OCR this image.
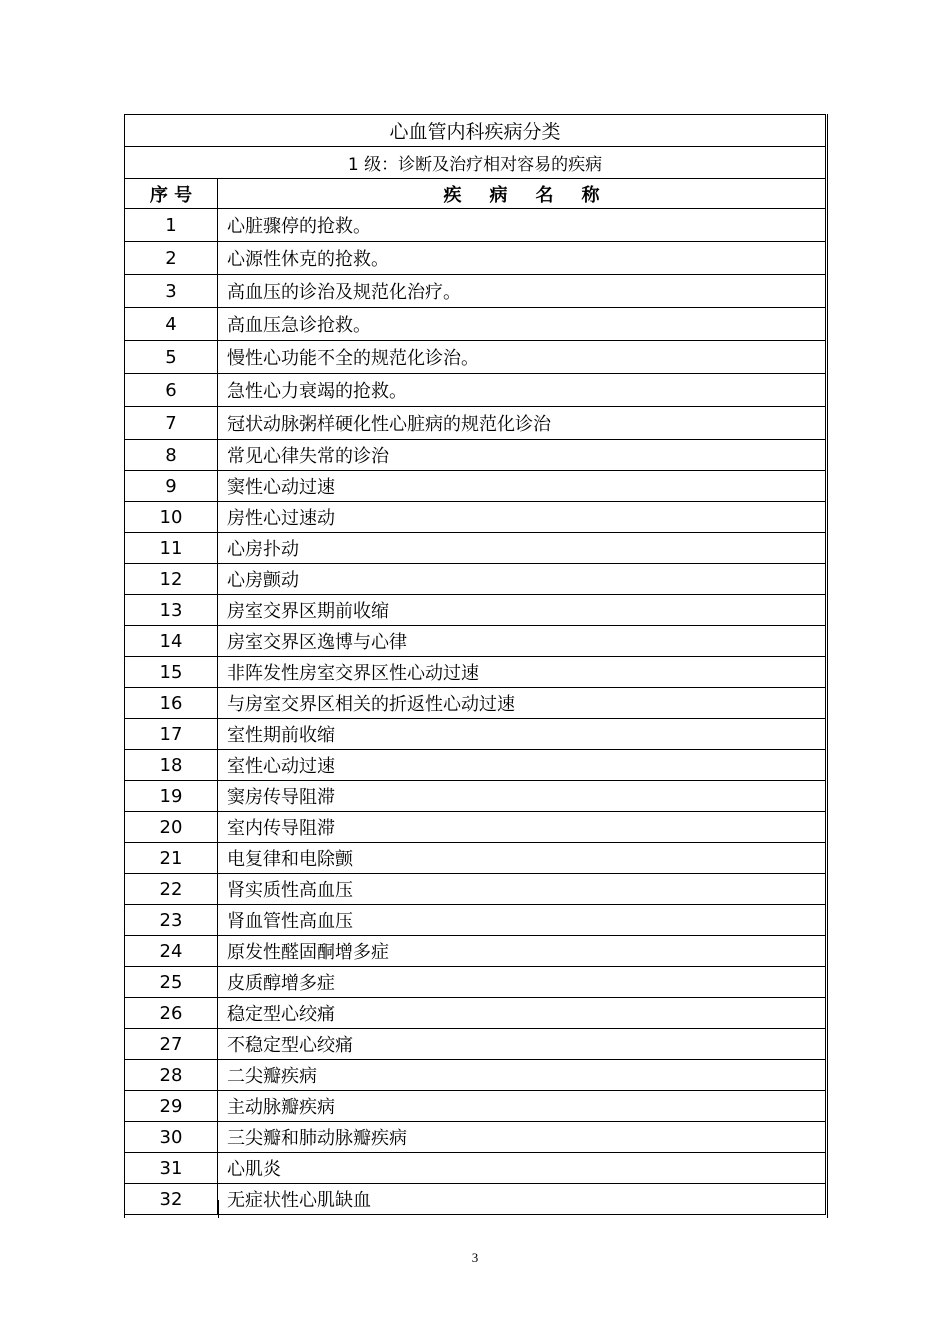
心血管内科疾病分类	
1 级：诊断及治疗相对容易的疾病	
序 号	疾病名称
1	心脏骤停的抢救。
2	心源性休克的抢救。
3	高血压的诊治及规范化治疗。
4	高血压急诊抢救。
5	慢性心功能不全的规范化诊治。
6	急性心力衰竭的抢救。
7	冠状动脉粥样硬化性心脏病的规范化诊治
8	常见心律失常的诊治
9	窦性心动过速
10	房性心过速动
11	心房扑动
12	心房颤动
13	房室交界区期前收缩
14	房室交界区逸博与心律
15	非阵发性房室交界区性心动过速
16	与房室交界区相关的折返性心动过速
17	室性期前收缩
18	室性心动过速
19	窦房传导阻滞
20	室内传导阻滞
21	电复律和电除颤
22	肾实质性高血压
23	肾血管性高血压
24	原发性醛固酮增多症
25	皮质醇增多症
26	稳定型心绞痛
27	不稳定型心绞痛
28	二尖瓣疾病
29	主动脉瓣疾病
30	三尖瓣和肺动脉瓣疾病
31	心肌炎
32	无症状性心肌缺血
3
